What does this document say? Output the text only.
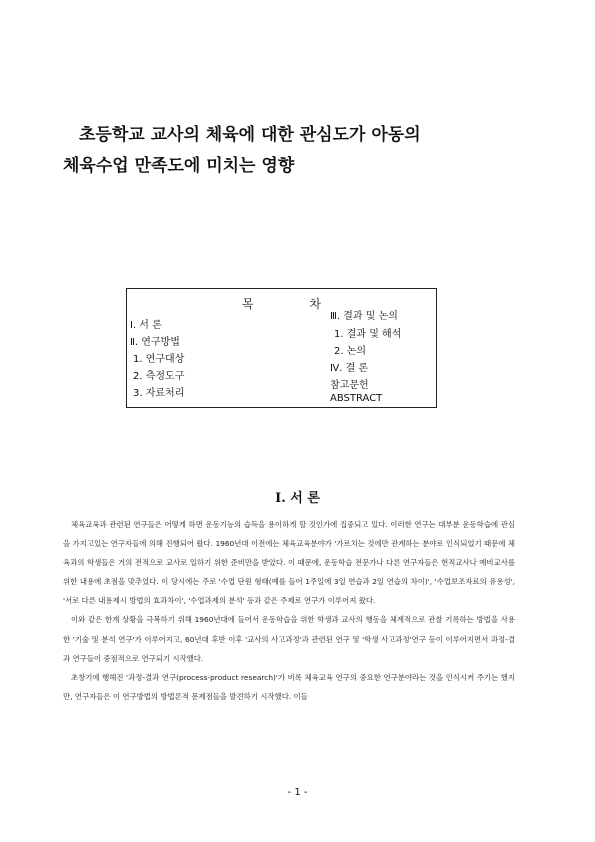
초등학교 교사의 체육에 대한 관심도가 아동의
체육수업 만족도에 미치는 영향
목 차
Ⅰ. 서 론
Ⅱ. 연구방법
1. 연구대상
2. 측정도구
3. 자료처리
Ⅲ. 결과 및 논의
1. 결과 및 해석
2. 논의
Ⅳ. 결 론
참고문헌
ABSTRACT
Ⅰ. 서 론

체육교육과 관련된 연구들은 어떻게 하면 운동기능의 습득을 용이하게 할 것인가에 집중되고 있다. 이러한 연구는 대부분 운동학습에 관심을 가지고있는 연구자들에 의해 진행되어 왔다. 1960년대 이전에는 체육교육분야가 '가르치는 것에만 관계하는 분야로 인식되었기 때문에 체육과의 학생들은 거의 전적으로 교사로 일하기 위한 준비만을 받았다. 이 때문에, 운동학습 전문가나 다른 연구자들은 현직교사나 예비교사를 위한 내용에 초점을 맞추었다. 이 당시에는 주로 '수업 단원 형태(예를 들어 1주일에 3일 연습과 2일 연습의 차이)', '수업보조자료의 유용성', '서로 다른 내용제시 방법의 효과차이', '수업과제의 분석' 등과 같은 주제로 연구가 이루어져 왔다.

이와 같은 한계 상황을 극복하기 위해 1960년대에 들어서 운동학습을 위한 학생과 교사의 행동을 체계적으로 관찰 기록하는 방법을 사용한 '기술 및 분석 연구'가 이루어지고, 60년대 후반 이후 '교사의 사고과정'과 관련된 연구 및 '학생 사고과정'연구 등이 이루어지면서 과정-결과 연구들이 중점적으로 연구되기 시작했다.

초창기에 행해진 '과정-결과 연구(process-product research)'가 비록 체육교육 연구의 중요한 연구분야라는 것을 인식시켜 주기는 했지만, 연구자들은 이 연구방법의 방법론적 문제점들을 발견하기 시작했다. 이들

- 1 -
